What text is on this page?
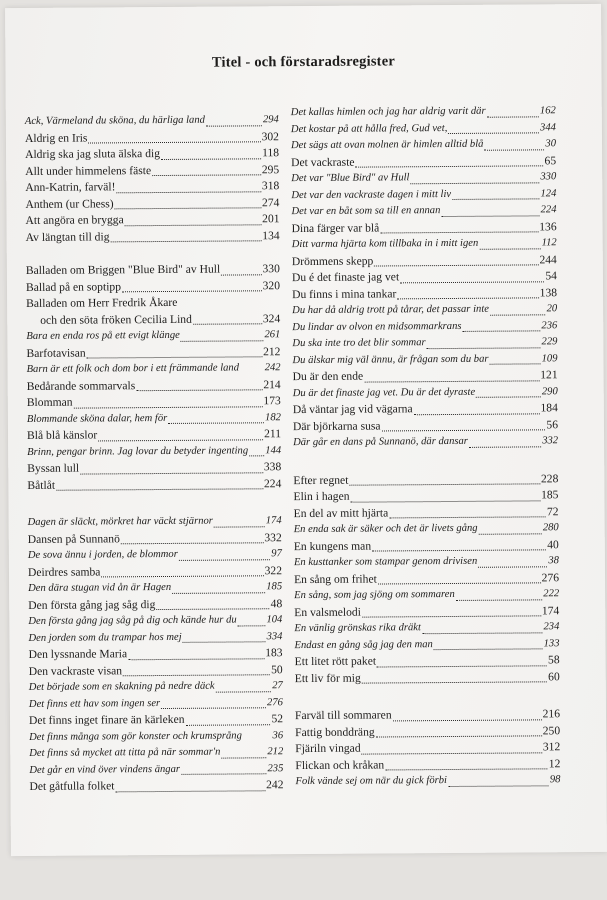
Titel - och förstaradsregister
Ack, Värmeland du sköna, du härliga land	294
Aldrig en Iris	302
Aldrig ska jag sluta älska dig	118
Allt under himmelens fäste	295
Ann-Katrin, farväl!	318
Anthem (ur Chess)	274
Att angöra en brygga	201
Av längtan till dig	134
Balladen om Briggen "Blue Bird" av Hull	330
Ballad på en soptipp	320
Balladen om Herr Fredrik Åkare
och den söta fröken Cecilia Lind	324
Bara en enda ros på ett evigt klänge	261
Barfotavisan	212
Barn är ett folk och dom bor i ett främmande land 242
Bedårande sommarvals	214
Blomman	173
Blommande sköna dalar, hem för	182
Blå blå känslor	211
Brinn, pengar brinn. Jag lovar du betyder ingenting 144
Byssan lull	338
Båtlåt	224
Dagen är släckt, mörkret har väckt stjärnor	174
Dansen på Sunnanö	332
De sova ännu i jorden, de blommor	97
Deirdres samba	322
Den dära stugan vid ån är Hagen	185
Den första gång jag såg dig	48
Den första gång jag såg på dig och kände hur du	104
Den jorden som du trampar hos mej	334
Den lyssnande Maria	183
Den vackraste visan	50
Det började som en skakning på nedre däck	27
Det finns ett hav som ingen ser	276
Det finns inget finare än kärleken	52
Det finns många som gör konster och krumsprång	36
Det finns så mycket att titta på när sommar'n	212
Det går en vind över vindens ängar	235
Det gåtfulla folket	242
Det kallas himlen och jag har aldrig varit där	162
Det kostar på att hålla fred, Gud vet,	344
Det sägs att ovan molnen är himlen alltid blå	30
Det vackraste	65
Det var "Blue Bird" av Hull	330
Det var den vackraste dagen i mitt liv	124
Det var en båt som sa till en annan	224
Dina färger var blå	136
Ditt varma hjärta kom tillbaka in i mitt igen	112
Drömmens skepp	244
Du é det finaste jag vet	54
Du finns i mina tankar	138
Du har då aldrig trott på tårar, det passar inte	20
Du lindar av olvon en midsommarkrans	236
Du ska inte tro det blir sommar	229
Du älskar mig väl ännu, är frågan som du bar	109
Du är den ende	121
Du är det finaste jag vet. Du är det dyraste	290
Då väntar jag vid vägarna	184
Där björkarna susa	56
Där går en dans på Sunnanö, där dansar	332
Efter regnet	228
Elin i hagen	185
En del av mitt hjärta	72
En enda sak är säker och det är livets gång	280
En kungens man	40
En kusttanker som stampar genom drivisen	38
En sång om frihet	276
En sång, som jag sjöng om sommaren	222
En valsmelodi	174
En vänlig grönskas rika dräkt	234
Endast en gång såg jag den man	133
Ett litet rött paket	58
Ett liv för mig	60
Farväl till sommaren	216
Fattig bonddräng	250
Fjäriln vingad	312
Flickan och kråkan	12
Folk vände sej om när du gick förbi	98
